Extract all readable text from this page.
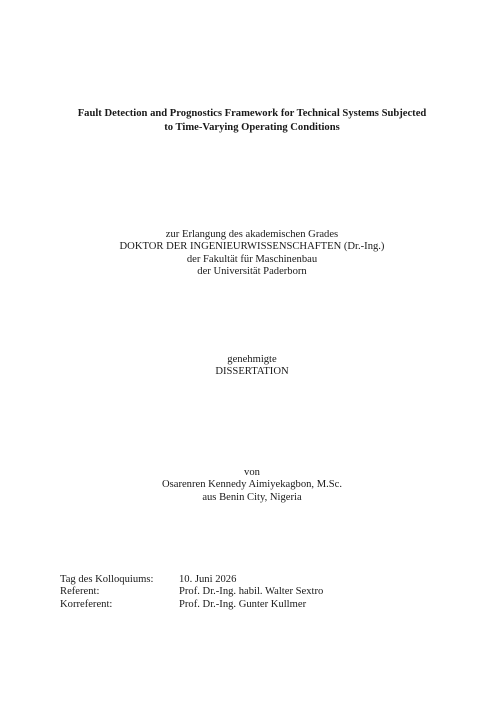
Fault Detection and Prognostics Framework for Technical Systems Subjected
to Time-Varying Operating Conditions
zur Erlangung des akademischen Grades
DOKTOR DER INGENIEURWISSENSCHAFTEN (Dr.-Ing.)
der Fakultät für Maschinenbau
der Universität Paderborn
genehmigte
DISSERTATION
von
Osarenren Kennedy Aimiyekagbon, M.Sc.
aus Benin City, Nigeria
Tag des Kolloquiums:	10. Juni 2026
Referent:	Prof. Dr.-Ing. habil. Walter Sextro
Korreferent:	Prof. Dr.-Ing. Gunter Kullmer
